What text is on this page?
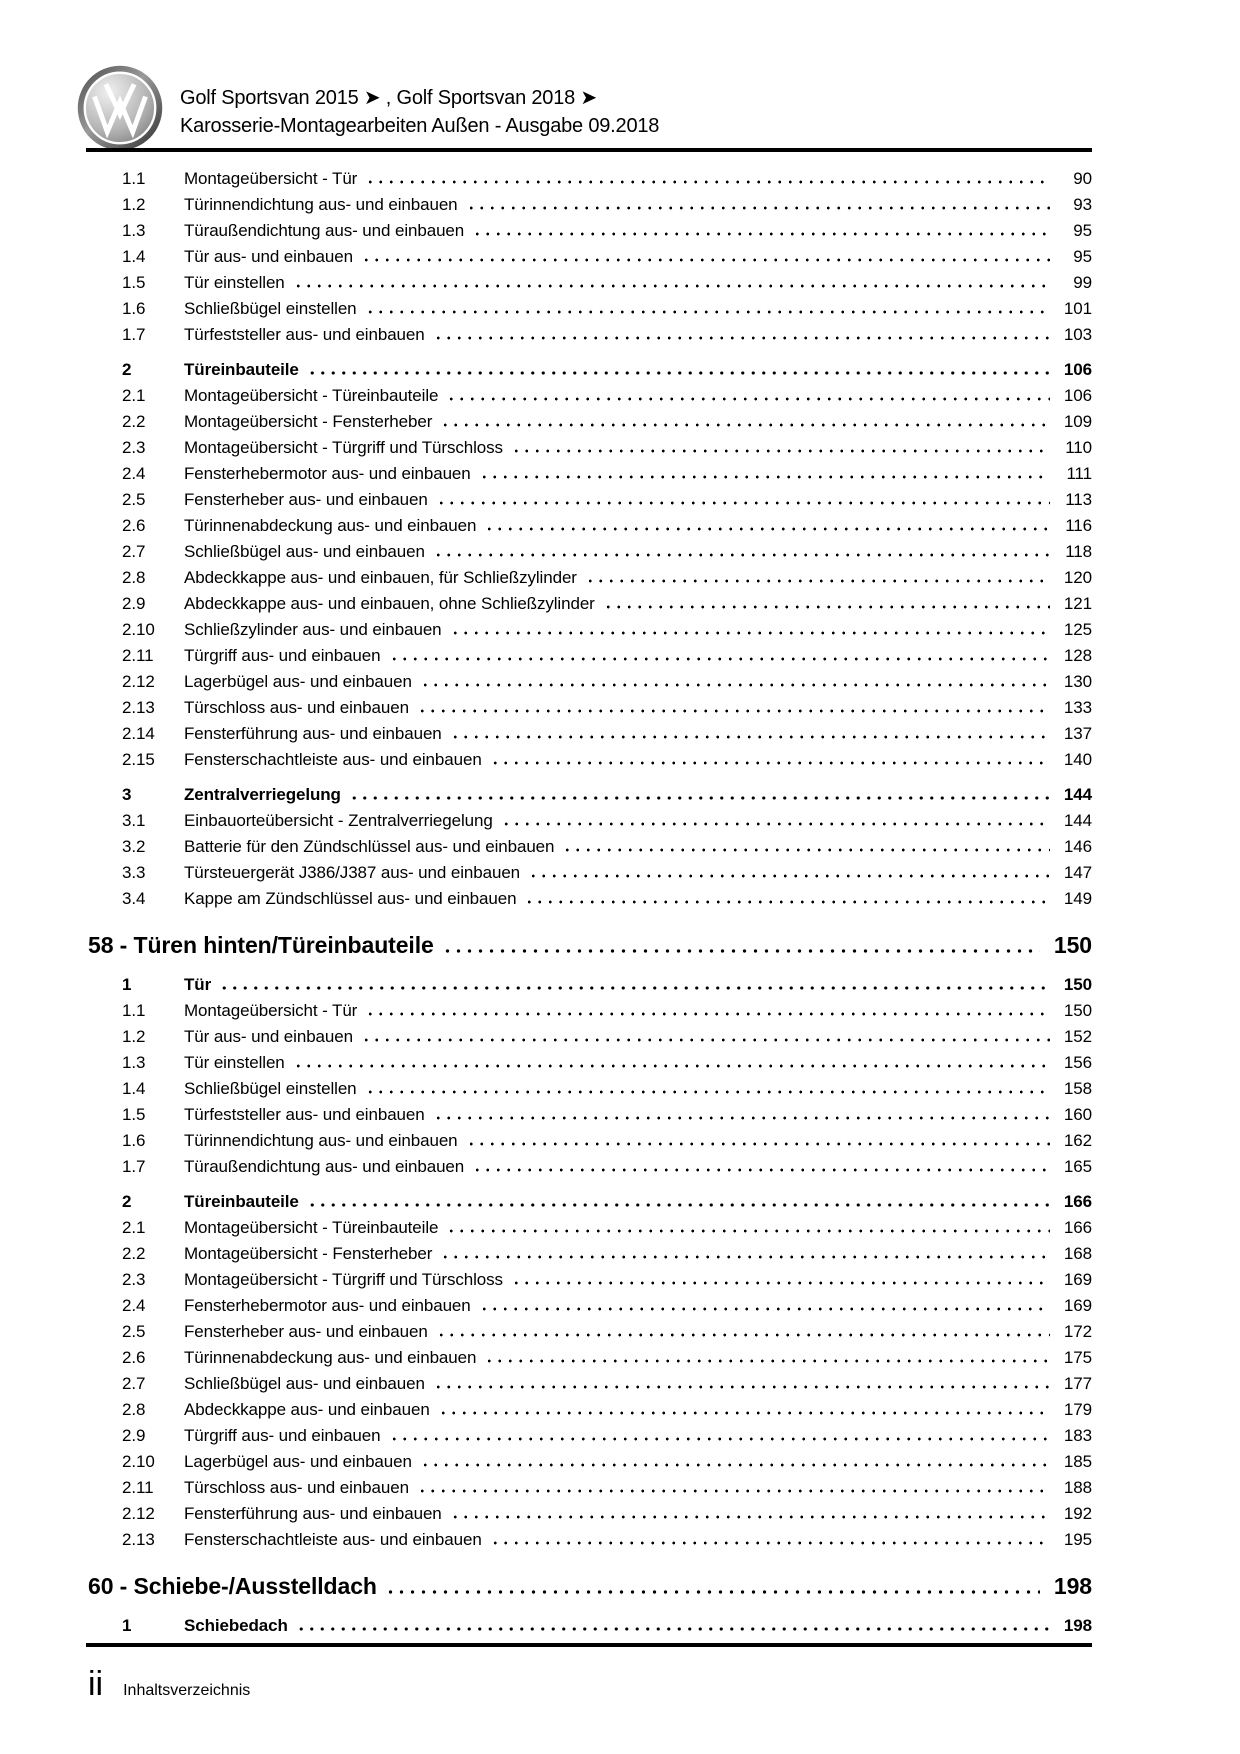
Golf Sportsvan 2015 ➤ , Golf Sportsvan 2018 ➤
Karosserie-Montagearbeiten Außen - Ausgabe 09.2018
1.1	Montageübersicht - Tür	90
1.2	Türinnendichtung aus- und einbauen	93
1.3	Türaußendichtung aus- und einbauen	95
1.4	Tür aus- und einbauen	95
1.5	Tür einstellen	99
1.6	Schließbügel einstellen	101
1.7	Türfeststeller aus- und einbauen	103
2	Türeinbauteile	106
2.1	Montageübersicht - Türeinbauteile	106
2.2	Montageübersicht - Fensterheber	109
2.3	Montageübersicht - Türgriff und Türschloss	110
2.4	Fensterhebermotor aus- und einbauen	111
2.5	Fensterheber aus- und einbauen	113
2.6	Türinnenabdeckung aus- und einbauen	116
2.7	Schließbügel aus- und einbauen	118
2.8	Abdeckkappe aus- und einbauen, für Schließzylinder	120
2.9	Abdeckkappe aus- und einbauen, ohne Schließzylinder	121
2.10	Schließzylinder aus- und einbauen	125
2.11	Türgriff aus- und einbauen	128
2.12	Lagerbügel aus- und einbauen	130
2.13	Türschloss aus- und einbauen	133
2.14	Fensterführung aus- und einbauen	137
2.15	Fensterschachtleiste aus- und einbauen	140
3	Zentralverriegelung	144
3.1	Einbauorteübersicht - Zentralverriegelung	144
3.2	Batterie für den Zündschlüssel aus- und einbauen	146
3.3	Türsteuergerät J386/J387 aus- und einbauen	147
3.4	Kappe am Zündschlüssel aus- und einbauen	149
58 - Türen hinten/Türeinbauteile	150
1	Tür	150
1.1	Montageübersicht - Tür	150
1.2	Tür aus- und einbauen	152
1.3	Tür einstellen	156
1.4	Schließbügel einstellen	158
1.5	Türfeststeller aus- und einbauen	160
1.6	Türinnendichtung aus- und einbauen	162
1.7	Türaußendichtung aus- und einbauen	165
2	Türeinbauteile	166
2.1	Montageübersicht - Türeinbauteile	166
2.2	Montageübersicht - Fensterheber	168
2.3	Montageübersicht - Türgriff und Türschloss	169
2.4	Fensterhebermotor aus- und einbauen	169
2.5	Fensterheber aus- und einbauen	172
2.6	Türinnenabdeckung aus- und einbauen	175
2.7	Schließbügel aus- und einbauen	177
2.8	Abdeckkappe aus- und einbauen	179
2.9	Türgriff aus- und einbauen	183
2.10	Lagerbügel aus- und einbauen	185
2.11	Türschloss aus- und einbauen	188
2.12	Fensterführung aus- und einbauen	192
2.13	Fensterschachtleiste aus- und einbauen	195
60 - Schiebe-/Ausstelldach	198
1	Schiebedach	198
ii Inhaltsverzeichnis
